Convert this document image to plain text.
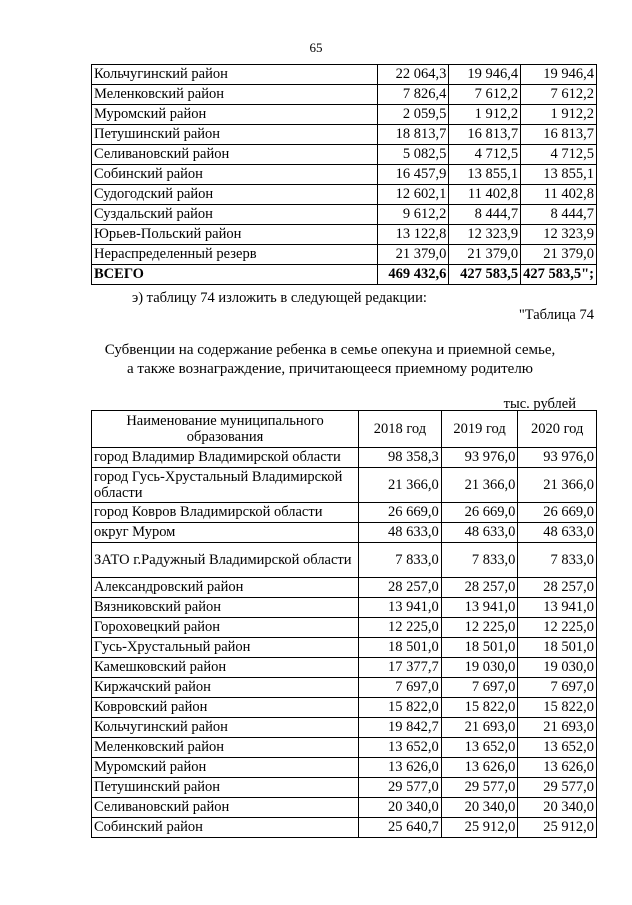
65
Кольчугинский район	22 064,3	19 946,4	19 946,4
Меленковский район	7 826,4	7 612,2	7 612,2
Муромский район	2 059,5	1 912,2	1 912,2
Петушинский район	18 813,7	16 813,7	16 813,7
Селивановский район	5 082,5	4 712,5	4 712,5
Собинский район	16 457,9	13 855,1	13 855,1
Судогодский район	12 602,1	11 402,8	11 402,8
Суздальский район	9 612,2	8 444,7	8 444,7
Юрьев-Польский район	13 122,8	12 323,9	12 323,9
Нераспределенный резерв	21 379,0	21 379,0	21 379,0
ВСЕГО	469 432,6	427 583,5	427 583,5";
э) таблицу 74 изложить в следующей редакции:
"Таблица 74
Субвенции на содержание ребенка в семье опекуна и приемной семье,
а также вознаграждение, причитающееся приемному родителю
тыс. рублей
Наименование муниципального образования	2018 год	2019 год	2020 год
город Владимир Владимирской области	98 358,3	93 976,0	93 976,0
город Гусь-Хрустальный Владимирской области	21 366,0	21 366,0	21 366,0
город Ковров Владимирской области	26 669,0	26 669,0	26 669,0
округ Муром	48 633,0	48 633,0	48 633,0
ЗАТО г.Радужный Владимирской области	7 833,0	7 833,0	7 833,0
Александровский район	28 257,0	28 257,0	28 257,0
Вязниковский район	13 941,0	13 941,0	13 941,0
Гороховецкий район	12 225,0	12 225,0	12 225,0
Гусь-Хрустальный район	18 501,0	18 501,0	18 501,0
Камешковский район	17 377,7	19 030,0	19 030,0
Киржачский район	7 697,0	7 697,0	7 697,0
Ковровский район	15 822,0	15 822,0	15 822,0
Кольчугинский район	19 842,7	21 693,0	21 693,0
Меленковский район	13 652,0	13 652,0	13 652,0
Муромский район	13 626,0	13 626,0	13 626,0
Петушинский район	29 577,0	29 577,0	29 577,0
Селивановский район	20 340,0	20 340,0	20 340,0
Собинский район	25 640,7	25 912,0	25 912,0
